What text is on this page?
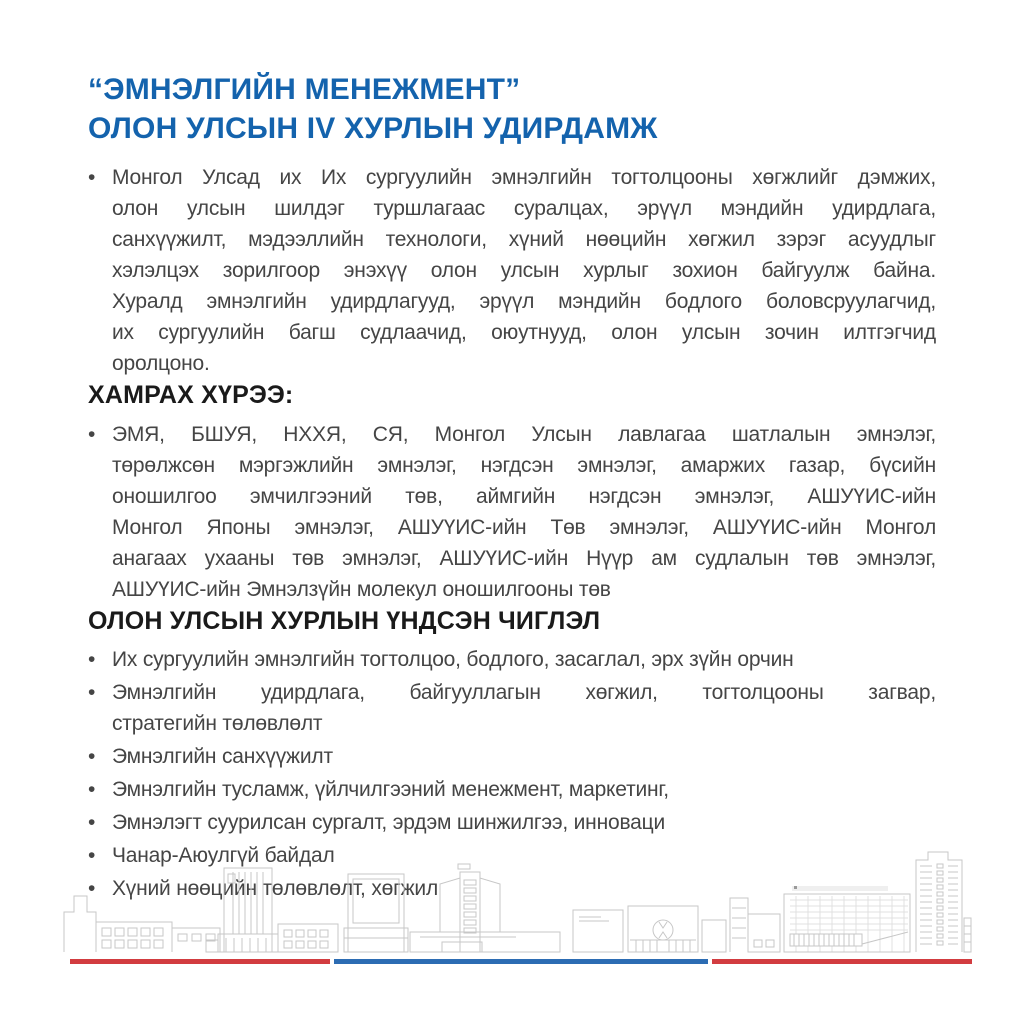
“ЭМНЭЛГИЙН МЕНЕЖМЕНТ”
ОЛОН УЛСЫН IV ХУРЛЫН УДИРДАМЖ
• Монгол Улсад их Их сургуулийн эмнэлгийн тогтолцооны хөгжлийг дэмжих,
олон улсын шилдэг туршлагаас суралцах, эрүүл мэндийн удирдлага,
санхүүжилт, мэдээллийн технологи, хүний нөөцийн хөгжил зэрэг асуудлыг
хэлэлцэх зорилгоор энэхүү олон улсын хурлыг зохион байгуулж байна.
Хуралд эмнэлгийн удирдлагууд, эрүүл мэндийн бодлого боловсруулагчид,
их сургуулийн багш судлаачид, оюутнууд, олон улсын зочин илтгэгчид
оролцоно.
ХАМРАХ ХҮРЭЭ:
• ЭМЯ, БШУЯ, НХХЯ, СЯ, Монгол Улсын лавлагаа шатлалын эмнэлэг,
төрөлжсөн мэргэжлийн эмнэлэг, нэгдсэн эмнэлэг, амаржих газар, бүсийн
оношилгоо эмчилгээний төв, аймгийн нэгдсэн эмнэлэг, АШУҮИС-ийн
Монгол Японы эмнэлэг, АШУҮИС-ийн Төв эмнэлэг, АШУҮИС-ийн Монгол
анагаах ухааны төв эмнэлэг, АШУҮИС-ийн Нүүр ам судлалын төв эмнэлэг,
АШУҮИС-ийн Эмнэлзүйн молекул оношилгооны төв
ОЛОН УЛСЫН ХУРЛЫН ҮНДСЭН ЧИГЛЭЛ
• Их сургуулийн эмнэлгийн тогтолцоо, бодлого, засаглал, эрх зүйн орчин
• Эмнэлгийн удирдлага, байгууллагын хөгжил, тогтолцооны загвар,
стратегийн төлөвлөлт
• Эмнэлгийн санхүүжилт
• Эмнэлгийн тусламж, үйлчилгээний менежмент, маркетинг,
• Эмнэлэгт суурилсан сургалт, эрдэм шинжилгээ, инноваци
• Чанар-Аюулгүй байдал
• Хүний нөөцийн төлөвлөлт, хөгжил
